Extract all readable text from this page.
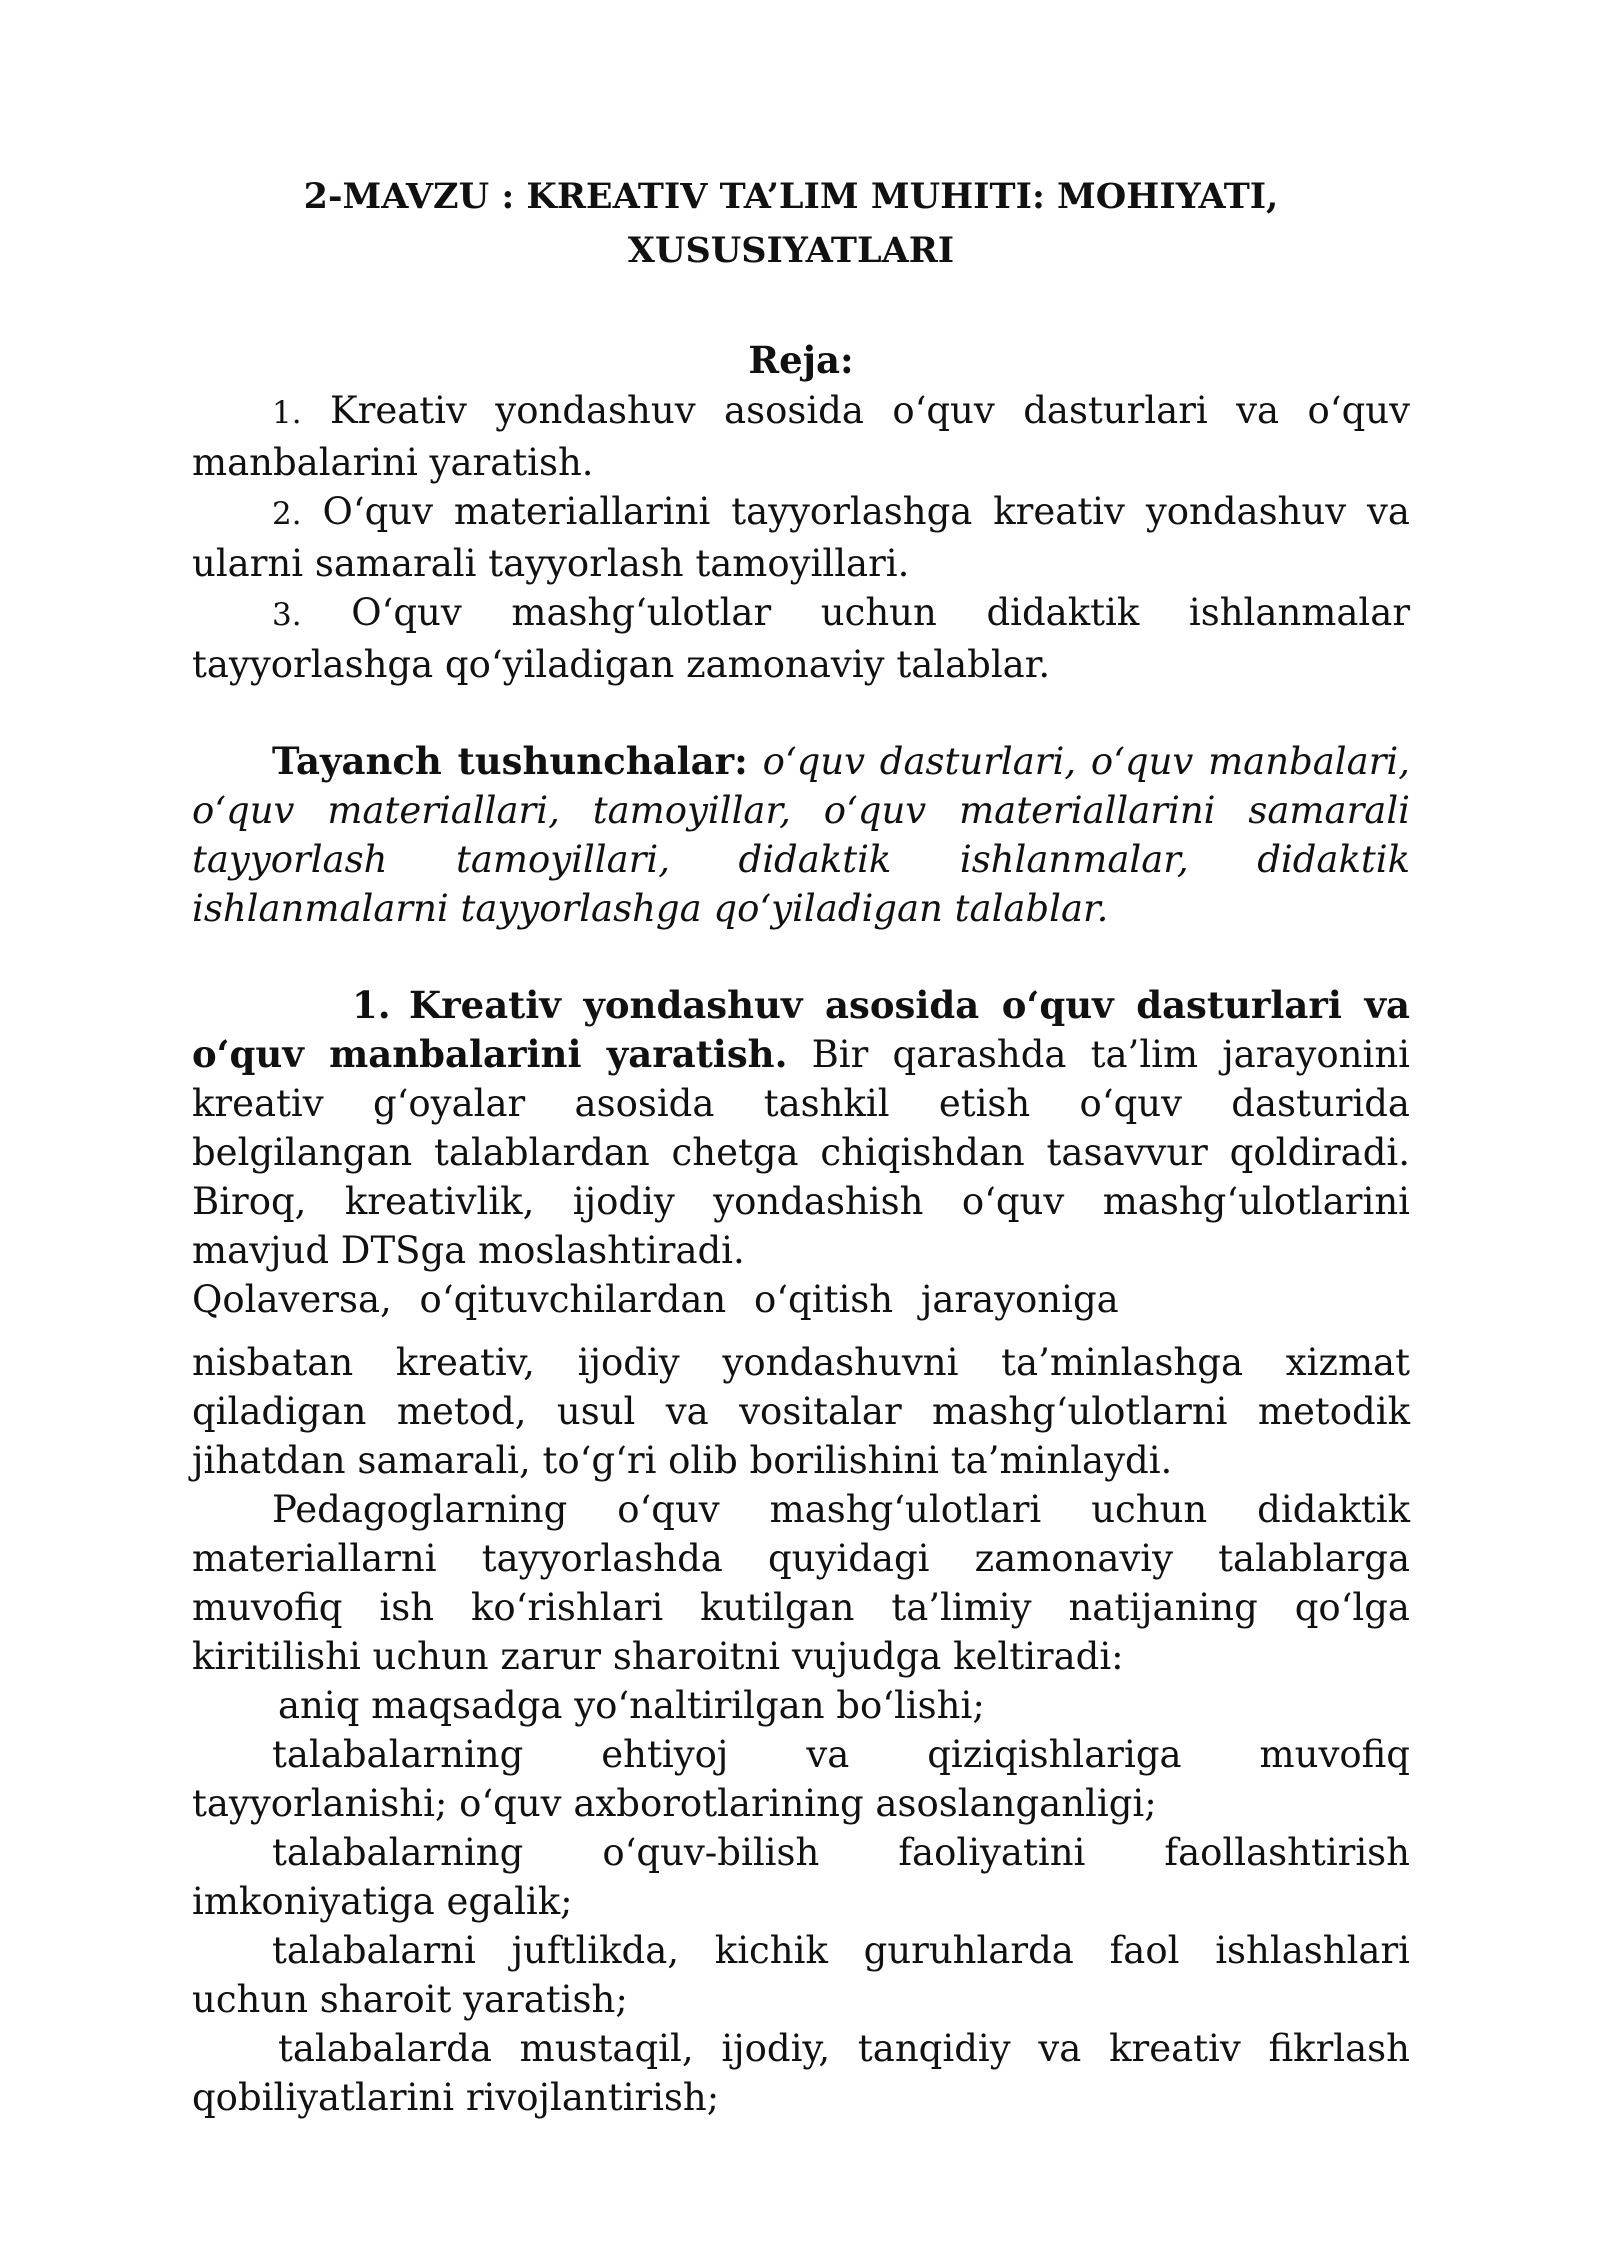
2-MAVZU : KREATIV TA’LIM MUHITI: MOHIYATI,
XUSUSIYATLARI
Reja:

1. Kreativ yondashuv asosida o‘quv dasturlari va o‘quv manbalarini yaratish.

2. O‘quv materiallarini tayyorlashga kreativ yondashuv va ularni samarali tayyorlash tamoyillari.

3. O‘quv mashg‘ulotlar uchun didaktik ishlanmalar tayyorlashga qo‘yiladigan zamonaviy talablar.

Tayanch tushunchalar: o‘quv dasturlari, o‘quv manbalari, o‘quv materiallari, tamoyillar, o‘quv materiallarini samarali tayyorlash tamoyillari, didaktik ishlanmalar, didaktik ishlanmalarni tayyorlashga qo‘yiladigan talablar.

1. Kreativ yondashuv asosida o‘quv dasturlari va o‘quv manbalarini yaratish. Bir qarashda ta’lim jarayonini kreativ g‘oyalar asosida tashkil etish o‘quv dasturida belgilangan talablardan chetga chiqishdan tasavvur qoldiradi. Biroq, kreativlik, ijodiy yondashish o‘quv mashg‘ulotlarini mavjud DTSga moslashtiradi.

Qolaversa, o‘qituvchilardan o‘qitish jarayoniga

nisbatan kreativ, ijodiy yondashuvni ta’minlashga xizmat qiladigan metod, usul va vositalar mashg‘ulotlarni metodik jihatdan samarali, to‘g‘ri olib borilishini ta’minlaydi.

Pedagoglarning o‘quv mashg‘ulotlari uchun didaktik materiallarni tayyorlashda quyidagi zamonaviy talablarga muvofiq ish ko‘rishlari kutilgan ta’limiy natijaning qo‘lga kiritilishi uchun zarur sharoitni vujudga keltiradi:

aniq maqsadga yo‘naltirilgan bo‘lishi;

talabalarning ehtiyoj va qiziqishlariga muvofiq tayyorlanishi; o‘quv axborotlarining asoslanganligi;

talabalarning o‘quv-bilish faoliyatini faollashtirish imkoniyatiga egalik;

talabalarni juftlikda, kichik guruhlarda faol ishlashlari uchun sharoit yaratish;

talabalarda mustaqil, ijodiy, tanqidiy va kreativ fikrlash qobiliyatlarini rivojlantirish;
